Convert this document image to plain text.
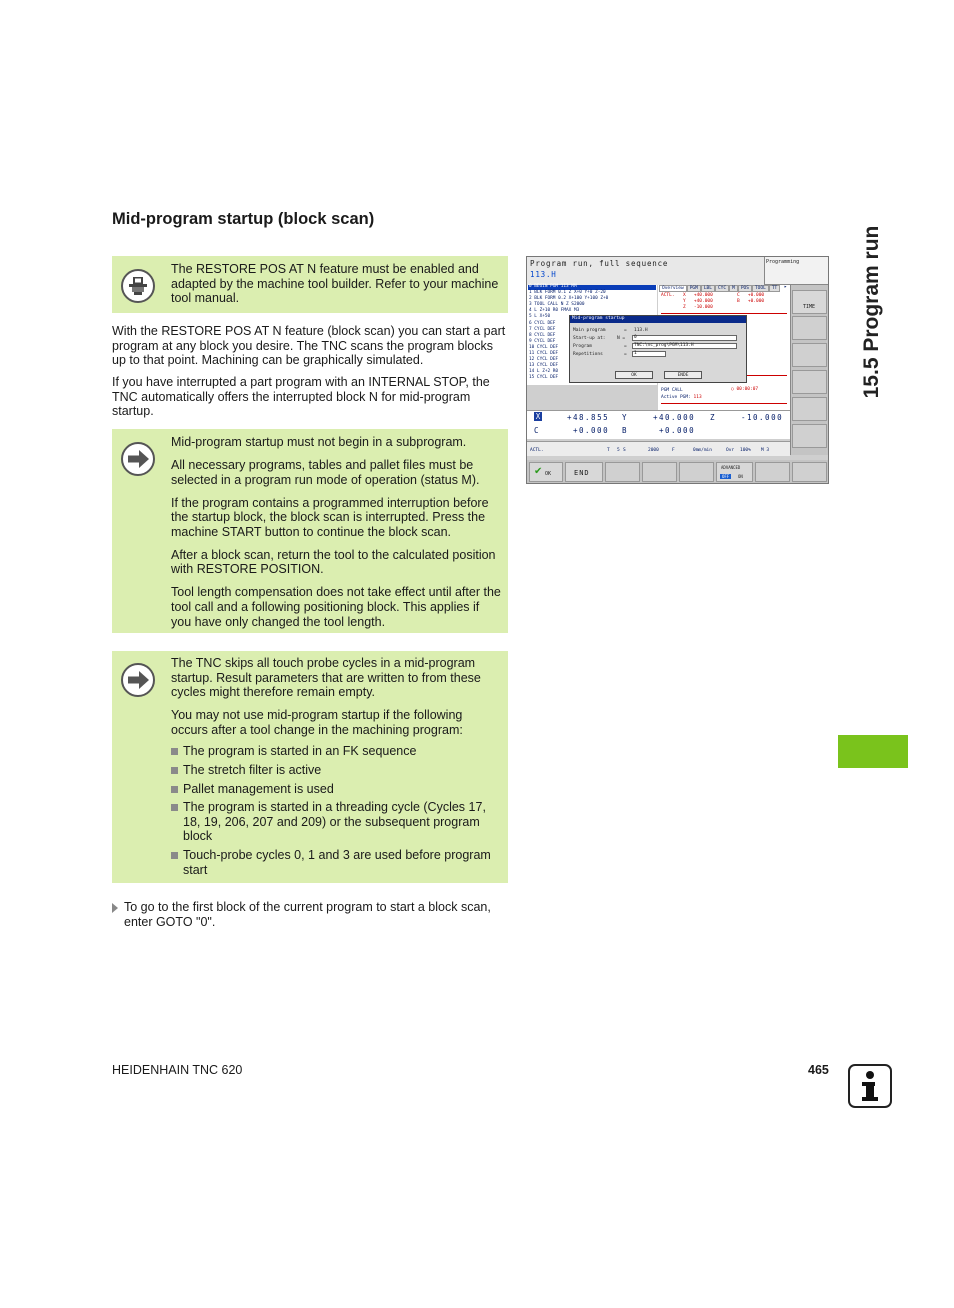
Mid-program startup (block scan)
The RESTORE POS AT N feature must be enabled and adapted by the machine tool builder. Refer to your machine tool manual.

With the RESTORE POS AT N feature (block scan) you can start a part program at any block you desire. The TNC scans the program blocks up to that point. Machining can be graphically simulated.

If you have interrupted a part program with an INTERNAL STOP, the TNC automatically offers the interrupted block N for mid-program startup.

Mid-program startup must not begin in a subprogram.

All necessary programs, tables and pallet files must be selected in a program run mode of operation (status M).

If the program contains a programmed interruption before the startup block, the block scan is interrupted. Press the machine START button to continue the block scan.

After a block scan, return the tool to the calculated position with RESTORE POSITION.

Tool length compensation does not take effect until after the tool call and a following positioning block. This applies if you have only changed the tool length.

The TNC skips all touch probe cycles in a mid-program startup. Result parameters that are written to from these cycles might therefore remain empty.

You may not use mid-program startup if the following occurs after a tool change in the machining program:

The program is started in an FK sequence
The stretch filter is active
Pallet management is used
The program is started in a threading cycle (Cycles 17, 18, 19, 206, 207 and 209) or the subsequent program block
Touch-probe cycles 0, 1 and 3 are used before program start
To go to the first block of the current program to start a block scan, enter GOTO "0".
15.5 Program run
HEIDENHAIN TNC 620	465
Program run, full sequence
113.H
Programming
0 BEGIN PGM 113 MM
1 BLK FORM 0.1 Z X+0 Y+0 Z-20
2 BLK FORM 0.2 X+100 Y+100 Z+0
3 TOOL CALL N Z S2000
4 L Z+10 R0 FMAX M3
5 L X+50
6 CYCL DEF
7 CYCL DEF
8 CYCL DEF
9 CYCL DEF
10 CYCL DEF
11 CYCL DEF
12 CYCL DEF
13 CYCL DEF
14 L Z+2 R0
15 CYCL DEF
Overview PGM LBL CYC M POS TOOL TT	▸
ACTL. X +40.000	C +0.000
Y +40.000	B +0.000
Z -10.000
PGM CALL	◯ 00:00:07
Active PGM: 113
TIME
Mid-program startup
Main program	= 113.H
Start-up at:	N = 0
Program	= TNC:\nc_prog\PGM\113.H
Repetitions	= 1
OK	ENDE
X	+48.855 Y	+40.000 Z	-10.000
C	+0.000 B	+0.000
ACTL.	T 5 S	2000	F	0mm/min	Ovr 100% M 3
✔ OK	END
ADVANCED
OFF	ON
